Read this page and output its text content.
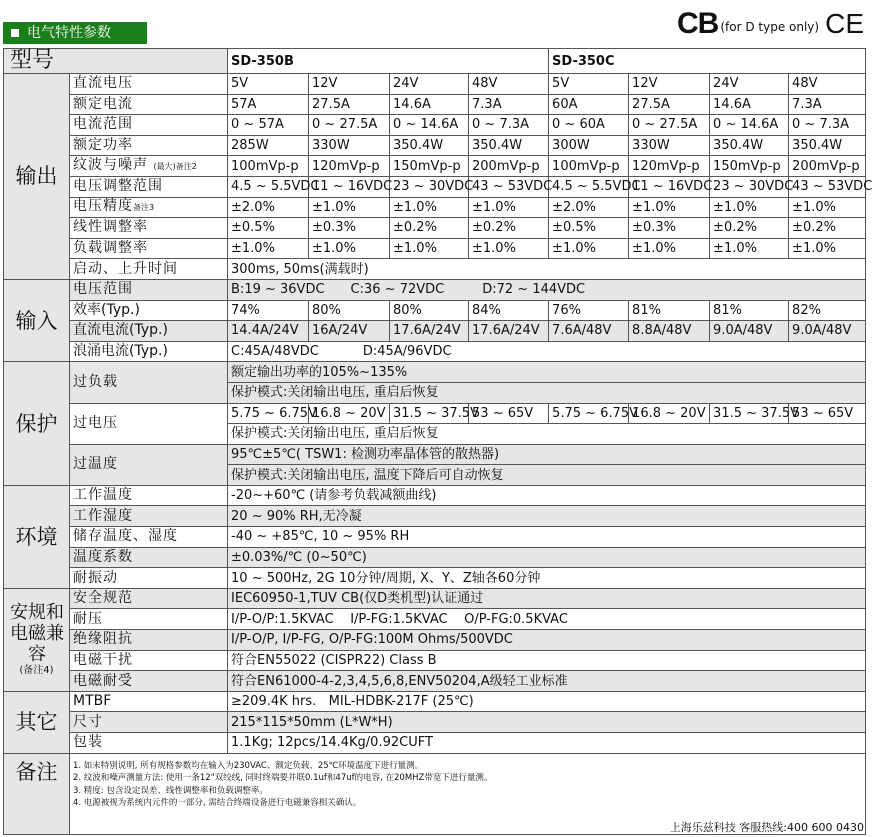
电气特性参数	CB (for D type only) CE
型号		SD-350B				SD-350C			
输出	直流电压	5V	12V	24V	48V	5V	12V	24V	48V
	额定电流	57A	27.5A	14.6A	7.3A	60A	27.5A	14.6A	7.3A
	电流范围	0 ~ 57A	0 ~ 27.5A	0 ~ 14.6A	0 ~ 7.3A	0 ~ 60A	0 ~ 27.5A	0 ~ 14.6A	0 ~ 7.3A
	额定功率	285W	330W	350.4W	350.4W	300W	330W	350.4W	350.4W
	纹波与噪声 (最大)备注2	100mVp-p	120mVp-p	150mVp-p	200mVp-p	100mVp-p	120mVp-p	150mVp-p	200mVp-p
	电压调整范围	4.5 ~ 5.5VDC	11 ~ 16VDC	23 ~ 30VDC	43 ~ 53VDC	4.5 ~ 5.5VDC	11 ~ 16VDC	23 ~ 30VDC	43 ~ 53VDC
	电压精度备注3	±2.0%	±1.0%	±1.0%	±1.0%	±2.0%	±1.0%	±1.0%	±1.0%
	线性调整率	±0.5%	±0.3%	±0.2%	±0.2%	±0.5%	±0.3%	±0.2%	±0.2%
	负载调整率	±1.0%	±1.0%	±1.0%	±1.0%	±1.0%	±1.0%	±1.0%	±1.0%
	启动、上升时间	300ms, 50ms(满载时)							
输入	电压范围	B:19 ~ 36VDC C:36 ~ 72VDC D:72 ~ 144VDC							
	效率(Typ.)	74%	80%	80%	84%	76%	81%	81%	82%
	直流电流(Typ.)	14.4A/24V	16A/24V	17.6A/24V	17.6A/24V	7.6A/48V	8.8A/48V	9.0A/48V	9.0A/48V
	浪涌电流(Typ.)	C:45A/48VDC D:45A/96VDC							
保护	过负载	额定输出功率的105%~135%							
		保护模式:关闭输出电压, 重启后恢复							
	过电压	5.75 ~ 6.75V	16.8 ~ 20V	31.5 ~ 37.5V	53 ~ 65V	5.75 ~ 6.75V	16.8 ~ 20V	31.5 ~ 37.5V	53 ~ 65V
		保护模式:关闭输出电压, 重启后恢复							
	过温度	95℃±5℃( TSW1: 检测功率晶体管的散热器)							
		保护模式:关闭输出电压, 温度下降后可自动恢复							
环境	工作温度	-20~+60℃ (请参考负载减额曲线)							
	工作湿度	20 ~ 90% RH,无冷凝							
	储存温度、湿度	-40 ~ +85℃, 10 ~ 95% RH							
	温度系数	±0.03%/℃ (0~50℃)							
	耐振动	10 ~ 500Hz, 2G 10分钟/周期, X、Y、Z轴各60分钟							

安规和电磁兼容
(备注4)	安全规范	IEC60950-1,TUV CB(仅D类机型)认证通过							
	耐压	I/P-O/P:1.5KVAC    I/P-FG:1.5KVAC    O/P-FG:0.5KVAC							
	绝缘阻抗	I/P-O/P, I/P-FG, O/P-FG:100M Ohms/500VDC							
	电磁干扰	符合EN55022 (CISPR22) Class B							
	电磁耐受	符合EN61000-4-2,3,4,5,6,8,ENV50204,A级轻工业标准							
其它	MTBF	≥209.4K hrs.   MIL-HDBK-217F (25℃)							
	尺寸	215*115*50mm (L*W*H)							
	包装	1.1Kg; 12pcs/14.4Kg/0.92CUFT							
备注	1. 如未特别说明, 所有规格参数均在输入为230VAC、额定负载、25℃环境温度下进行量测。
2. 纹波和噪声测量方法: 使用一条12"双绞线, 同时终端要并联0.1uf和47uf的电容, 在20MHZ带宽下进行量测。
3. 精度: 包含设定误差、线性调整率和负载调整率。
4. 电源被视为系统内元件的一部分, 需结合终端设备进行电磁兼容相关确认。								
上海乐兹科技 客服热线:400 600 0430
